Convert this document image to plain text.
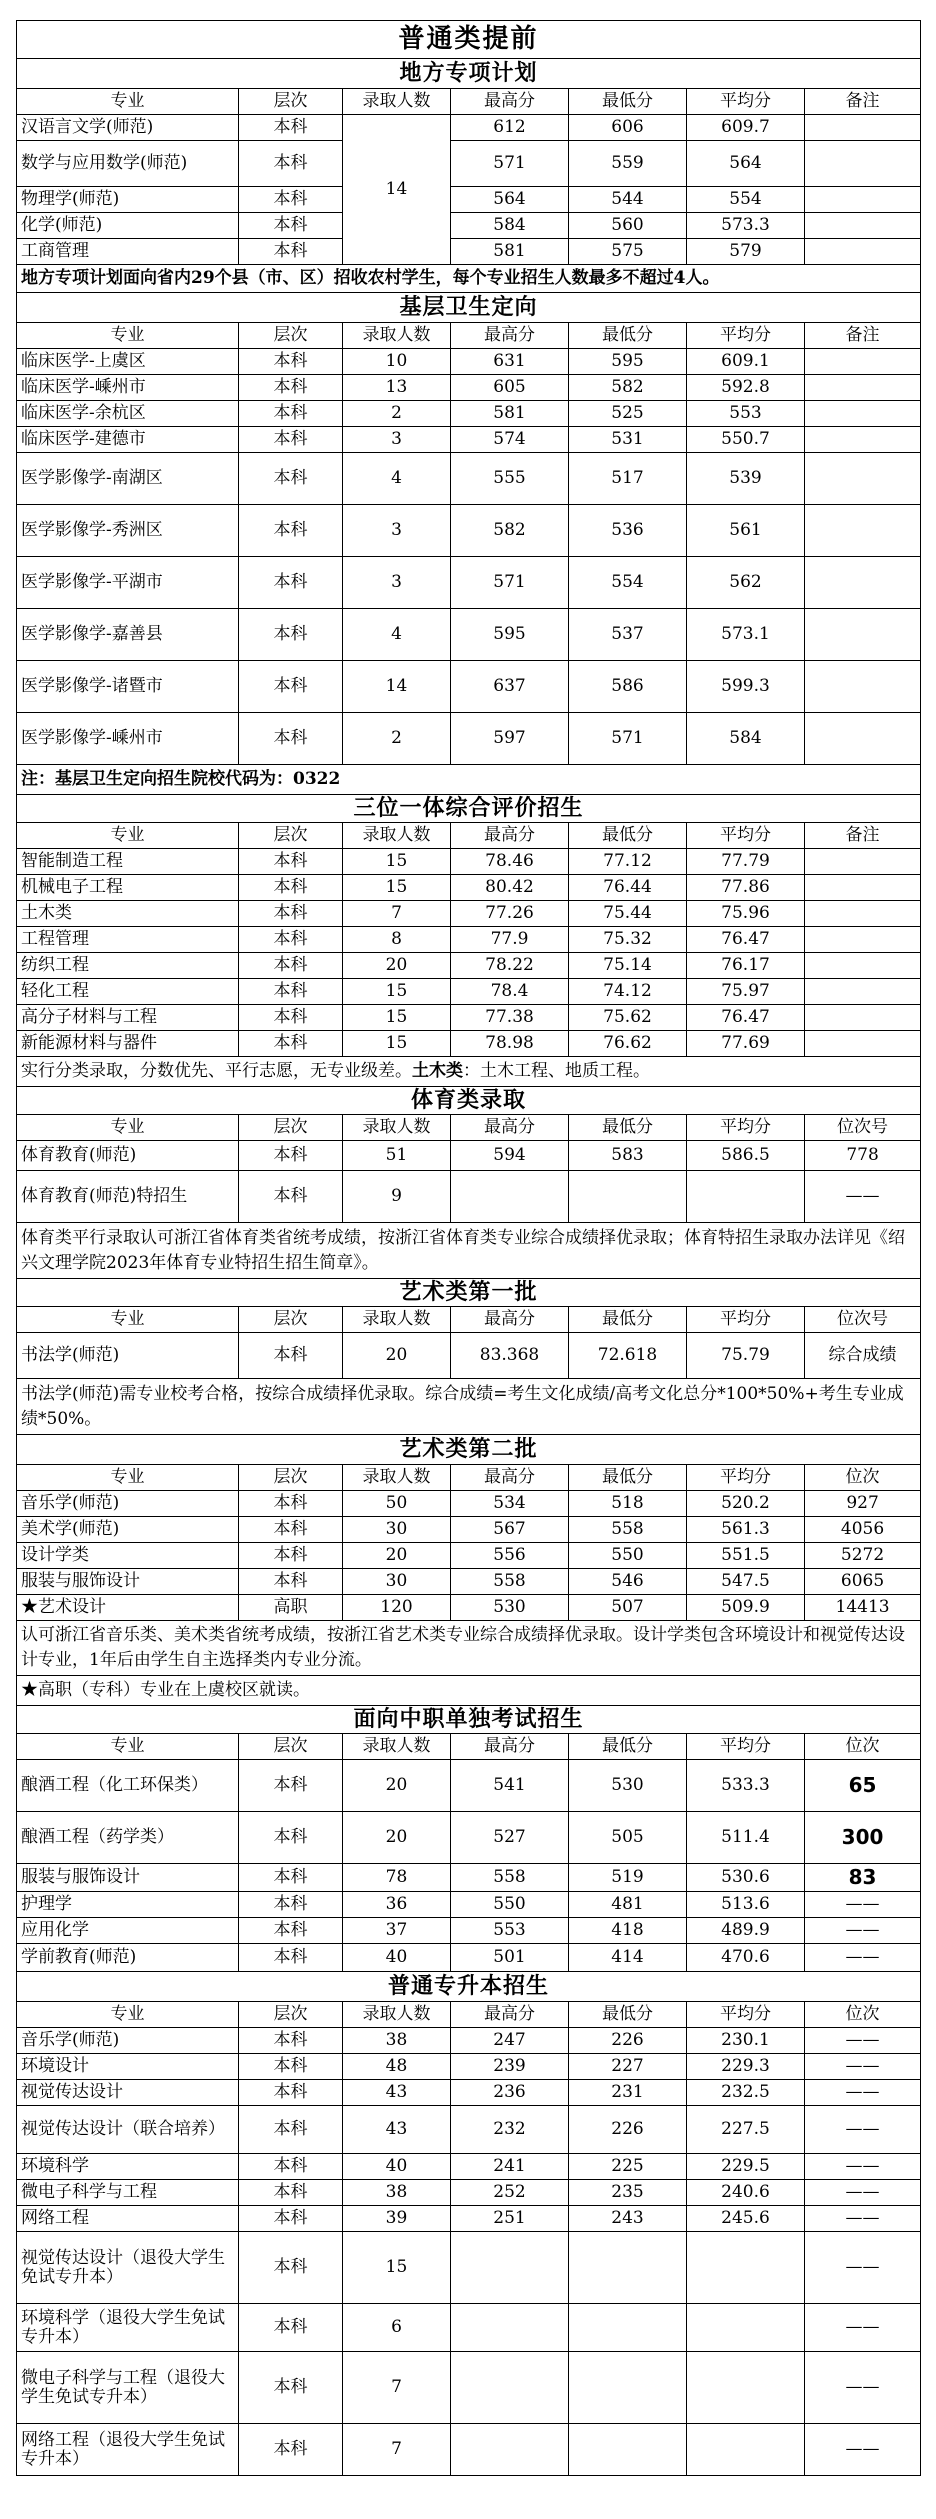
普通类提前						
地方专项计划						
专业	层次	录取人数	最高分	最低分	平均分	备注
汉语言文学(师范)	本科	14	612	606	609.7	
数学与应用数学(师范)	本科		571	559	564	
物理学(师范)	本科		564	544	554	
化学(师范)	本科		584	560	573.3	
工商管理	本科		581	575	579	
地方专项计划面向省内29个县（市、区）招收农村学生，每个专业招生人数最多不超过4人。						
基层卫生定向						
专业	层次	录取人数	最高分	最低分	平均分	备注
临床医学-上虞区	本科	10	631	595	609.1	
临床医学-嵊州市	本科	13	605	582	592.8	
临床医学-余杭区	本科	2	581	525	553	
临床医学-建德市	本科	3	574	531	550.7	
医学影像学-南湖区	本科	4	555	517	539	
医学影像学-秀洲区	本科	3	582	536	561	
医学影像学-平湖市	本科	3	571	554	562	
医学影像学-嘉善县	本科	4	595	537	573.1	
医学影像学-诸暨市	本科	14	637	586	599.3	
医学影像学-嵊州市	本科	2	597	571	584	
注：基层卫生定向招生院校代码为：0322						
三位一体综合评价招生						
专业	层次	录取人数	最高分	最低分	平均分	备注
智能制造工程	本科	15	78.46	77.12	77.79	
机械电子工程	本科	15	80.42	76.44	77.86	
土木类	本科	7	77.26	75.44	75.96	
工程管理	本科	8	77.9	75.32	76.47	
纺织工程	本科	20	78.22	75.14	76.17	
轻化工程	本科	15	78.4	74.12	75.97	
高分子材料与工程	本科	15	77.38	75.62	76.47	
新能源材料与器件	本科	15	78.98	76.62	77.69	
实行分类录取，分数优先、平行志愿，无专业级差。土木类：土木工程、地质工程。						
体育类录取						
专业	层次	录取人数	最高分	最低分	平均分	位次号
体育教育(师范)	本科	51	594	583	586.5	778
体育教育(师范)特招生	本科	9				——
体育类平行录取认可浙江省体育类省统考成绩，按浙江省体育类专业综合成绩择优录取；体育特招生录取办法详见《绍兴文理学院2023年体育专业特招生招生简章》。						
艺术类第一批						
专业	层次	录取人数	最高分	最低分	平均分	位次号
书法学(师范)	本科	20	83.368	72.618	75.79	综合成绩
书法学(师范)需专业校考合格，按综合成绩择优录取。综合成绩=考生文化成绩/高考文化总分*100*50%+考生专业成绩*50%。						
艺术类第二批						
专业	层次	录取人数	最高分	最低分	平均分	位次
音乐学(师范)	本科	50	534	518	520.2	927
美术学(师范)	本科	30	567	558	561.3	4056
设计学类	本科	20	556	550	551.5	5272
服装与服饰设计	本科	30	558	546	547.5	6065
★艺术设计	高职	120	530	507	509.9	14413
认可浙江省音乐类、美术类省统考成绩，按浙江省艺术类专业综合成绩择优录取。设计学类包含环境设计和视觉传达设计专业，1年后由学生自主选择类内专业分流。						
★高职（专科）专业在上虞校区就读。						
面向中职单独考试招生						
专业	层次	录取人数	最高分	最低分	平均分	位次
酿酒工程（化工环保类）	本科	20	541	530	533.3	65
酿酒工程（药学类）	本科	20	527	505	511.4	300
服装与服饰设计	本科	78	558	519	530.6	83
护理学	本科	36	550	481	513.6	——
应用化学	本科	37	553	418	489.9	——
学前教育(师范)	本科	40	501	414	470.6	——
普通专升本招生						
专业	层次	录取人数	最高分	最低分	平均分	位次
音乐学(师范)	本科	38	247	226	230.1	——
环境设计	本科	48	239	227	229.3	——
视觉传达设计	本科	43	236	231	232.5	——
视觉传达设计（联合培养）	本科	43	232	226	227.5	——
环境科学	本科	40	241	225	229.5	——
微电子科学与工程	本科	38	252	235	240.6	——
网络工程	本科	39	251	243	245.6	——
视觉传达设计（退役大学生免试专升本）	本科	15				——
环境科学（退役大学生免试专升本）	本科	6				——
微电子科学与工程（退役大学生免试专升本）	本科	7				——
网络工程（退役大学生免试专升本）	本科	7				——
